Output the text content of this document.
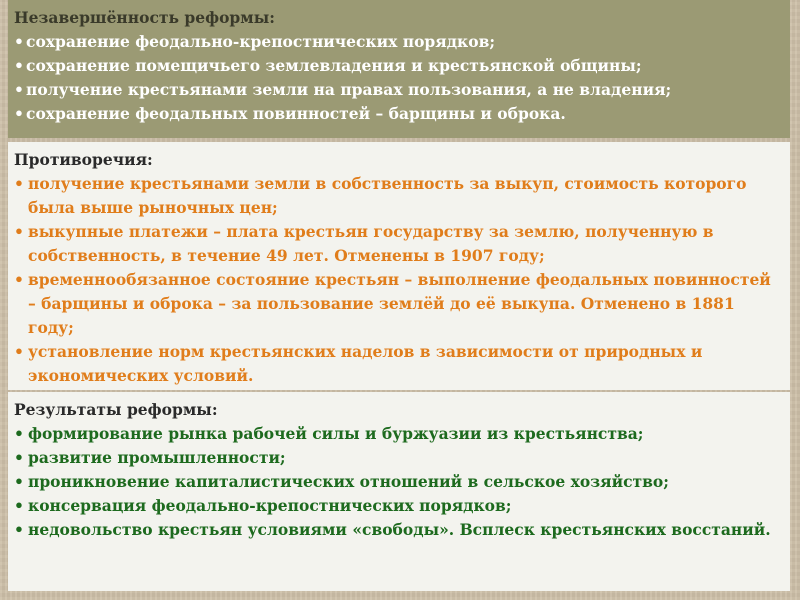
Незавершённость реформы:
• сохранение феодально-крепостнических порядков;
• сохранение помещичьего землевладения и крестьянской общины;
• получение крестьянами земли на правах пользования, а не владения;
• сохранение феодальных повинностей – барщины и оброка.
Противоречия:
• получение крестьянами земли в собственность за выкуп, стоимость которого была выше рыночных цен;
• выкупные платежи – плата крестьян государству за землю, полученную в собственность, в течение 49 лет. Отменены в 1907 году;
• временнообязанное состояние крестьян – выполнение феодальных повинностей – барщины и оброка – за пользование землёй до её выкупа. Отменено в 1881 году;
• установление норм крестьянских наделов в зависимости от природных и экономических условий.
Результаты реформы:
• формирование рынка рабочей силы и буржуазии из крестьянства;
• развитие промышленности;
• проникновение капиталистических отношений в сельское хозяйство;
• консервация феодально-крепостнических порядков;
• недовольство крестьян условиями «свободы». Всплеск крестьянских восстаний.
